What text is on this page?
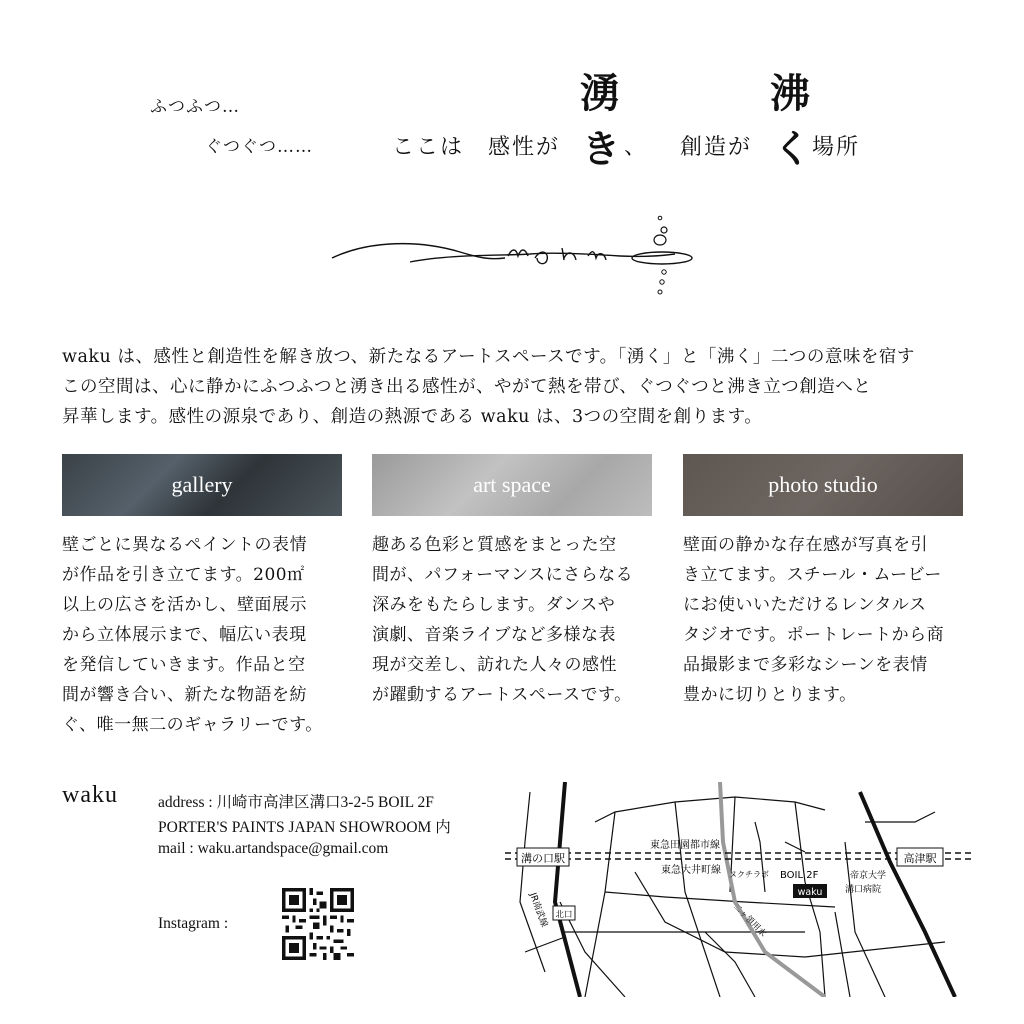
ふつふつ…
ぐつぐつ……	ここは 感性が
湧
き 、 創造が
沸
く 場所
waku
waku は、感性と創造性を解き放つ、新たなるアートスペースです。「湧く」と「沸く」二つの意味を宿す
この空間は、心に静かにふつふつと湧き出る感性が、やがて熱を帯び、ぐつぐつと沸き立つ創造へと
昇華します。感性の源泉であり、創造の熱源である waku は、3つの空間を創ります。
gallery	art space	photo studio
壁ごとに異なるペイントの表情
が作品を引き立てます。200㎡
以上の広さを活かし、壁面展示
から立体展示まで、幅広い表現
を発信していきます。作品と空
間が響き合い、新たな物語を紡
ぐ、唯一無二のギャラリーです。
趣ある色彩と質感をまとった空
間が、パフォーマンスにさらなる
深みをもたらします。ダンスや
演劇、音楽ライブなど多様な表
現が交差し、訪れた人々の感性
が躍動するアートスペースです。
壁面の静かな存在感が写真を引
き立てます。スチール・ムービー
にお使いいただけるレンタルス
タジオです。ポートレートから商
品撮影まで多彩なシーンを表情
豊かに切りとります。
waku	address : 川崎市高津区溝口3-2-5 BOIL 2F
PORTER'S PAINTS JAPAN SHOWROOM 内
mail : waku.artandspace@gmail.com
Instagram :
溝の口駅	高津駅
東急田園都市線
東急大井町線
JR南武線 北口
ヌクチラボ
二ヶ領用水
BOIL 2F
waku
帝京大学
溝口病院
